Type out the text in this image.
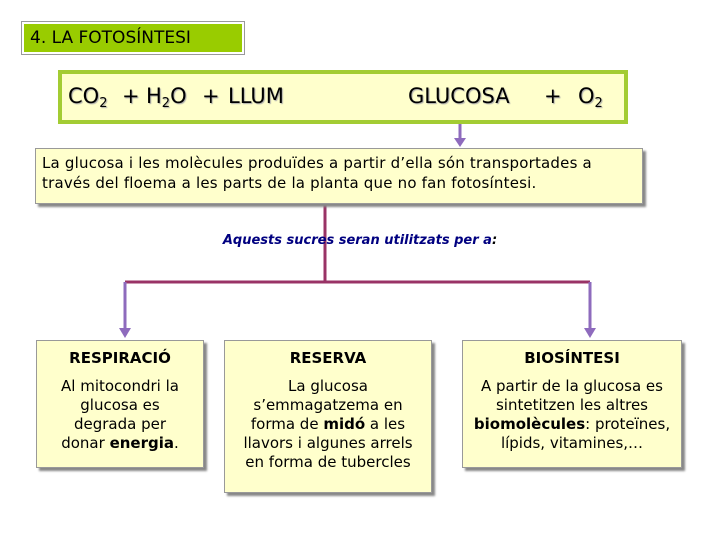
4. LA FOTOSÍNTESI
$CO_2 + H_2O$ + LLUM	GLUCOSA + $O_2$
La glucosa i les molècules produïdes a partir d’ella són transportades a
través del floema a les parts de la planta que no fan fotosíntesi.
Aquests sucres seran utilitzats per a:
RESPIRACIÓ
Al mitocondri la
glucosa es
degrada per
donar energia.
RESERVA
La glucosa
s’emmagatzema en
forma de midó a les
llavors i algunes arrels
en forma de tubercles
BIOSÍNTESI
A partir de la glucosa es
sintetitzen les altres
biomolècules: proteïnes,
lípids, vitamines,…
